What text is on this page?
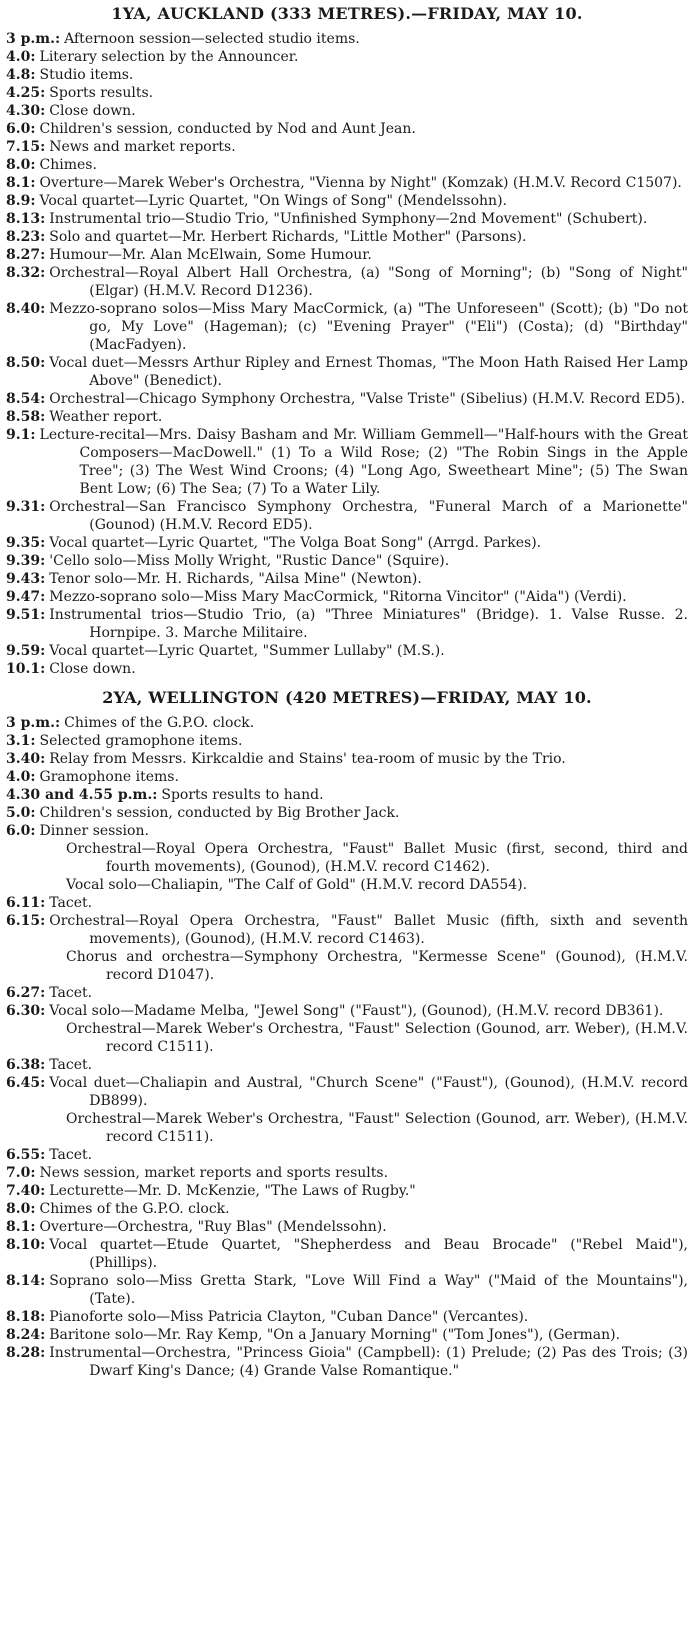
1YA, AUCKLAND (333 METRES).—FRIDAY, MAY 10.
3 p.m.: Afternoon session—selected studio items.
4.0: Literary selection by the Announcer.
4.8: Studio items.
4.25: Sports results.
4.30: Close down.
6.0: Children's session, conducted by Nod and Aunt Jean.
7.15: News and market reports.
8.0: Chimes.
8.1: Overture—Marek Weber's Orchestra, "Vienna by Night" (Komzak) (H.M.V. Record C1507).
8.9: Vocal quartet—Lyric Quartet, "On Wings of Song" (Mendelssohn).
8.13: Instrumental trio—Studio Trio, "Unfinished Symphony—2nd Movement" (Schubert).
8.23: Solo and quartet—Mr. Herbert Richards, "Little Mother" (Parsons).
8.27: Humour—Mr. Alan McElwain, Some Humour.
8.32: Orchestral—Royal Albert Hall Orchestra, (a) "Song of Morning"; (b) "Song of Night" (Elgar) (H.M.V. Record D1236).
8.40: Mezzo-soprano solos—Miss Mary MacCormick, (a) "The Unforeseen" (Scott); (b) "Do not go, My Love" (Hageman); (c) "Evening Prayer" ("Eli") (Costa); (d) "Birthday" (MacFadyen).
8.50: Vocal duet—Messrs Arthur Ripley and Ernest Thomas, "The Moon Hath Raised Her Lamp Above" (Benedict).
8.54: Orchestral—Chicago Symphony Orchestra, "Valse Triste" (Sibelius) (H.M.V. Record ED5).
8.58: Weather report.
9.1: Lecture-recital—Mrs. Daisy Basham and Mr. William Gemmell—"Half-hours with the Great Composers—MacDowell." (1) To a Wild Rose; (2) "The Robin Sings in the Apple Tree"; (3) The West Wind Croons; (4) "Long Ago, Sweetheart Mine"; (5) The Swan Bent Low; (6) The Sea; (7) To a Water Lily.
9.31: Orchestral—San Francisco Symphony Orchestra, "Funeral March of a Marionette" (Gounod) (H.M.V. Record ED5).
9.35: Vocal quartet—Lyric Quartet, "The Volga Boat Song" (Arrgd. Parkes).
9.39: 'Cello solo—Miss Molly Wright, "Rustic Dance" (Squire).
9.43: Tenor solo—Mr. H. Richards, "Ailsa Mine" (Newton).
9.47: Mezzo-soprano solo—Miss Mary MacCormick, "Ritorna Vincitor" ("Aida") (Verdi).
9.51: Instrumental trios—Studio Trio, (a) "Three Miniatures" (Bridge). 1. Valse Russe. 2. Hornpipe. 3. Marche Militaire.
9.59: Vocal quartet—Lyric Quartet, "Summer Lullaby" (M.S.).
10.1: Close down.
2YA, WELLINGTON (420 METRES)—FRIDAY, MAY 10.
3 p.m.: Chimes of the G.P.O. clock.
3.1: Selected gramophone items.
3.40: Relay from Messrs. Kirkcaldie and Stains' tea-room of music by the Trio.
4.0: Gramophone items.
4.30 and 4.55 p.m.: Sports results to hand.
5.0: Children's session, conducted by Big Brother Jack.
6.0: Dinner session.
Orchestral—Royal Opera Orchestra, "Faust" Ballet Music (first, second, third and fourth movements), (Gounod), (H.M.V. record C1462).
Vocal solo—Chaliapin, "The Calf of Gold" (H.M.V. record DA554).
6.11: Tacet.
6.15: Orchestral—Royal Opera Orchestra, "Faust" Ballet Music (fifth, sixth and seventh movements), (Gounod), (H.M.V. record C1463).
Chorus and orchestra—Symphony Orchestra, "Kermesse Scene" (Gounod), (H.M.V. record D1047).
6.27: Tacet.
6.30: Vocal solo—Madame Melba, "Jewel Song" ("Faust"), (Gounod), (H.M.V. record DB361).
Orchestral—Marek Weber's Orchestra, "Faust" Selection (Gounod, arr. Weber), (H.M.V. record C1511).
6.38: Tacet.
6.45: Vocal duet—Chaliapin and Austral, "Church Scene" ("Faust"), (Gounod), (H.M.V. record DB899).
Orchestral—Marek Weber's Orchestra, "Faust" Selection (Gounod, arr. Weber), (H.M.V. record C1511).
6.55: Tacet.
7.0: News session, market reports and sports results.
7.40: Lecturette—Mr. D. McKenzie, "The Laws of Rugby."
8.0: Chimes of the G.P.O. clock.
8.1: Overture—Orchestra, "Ruy Blas" (Mendelssohn).
8.10: Vocal quartet—Etude Quartet, "Shepherdess and Beau Brocade" ("Rebel Maid"), (Phillips).
8.14: Soprano solo—Miss Gretta Stark, "Love Will Find a Way" ("Maid of the Mountains"), (Tate).
8.18: Pianoforte solo—Miss Patricia Clayton, "Cuban Dance" (Vercantes).
8.24: Baritone solo—Mr. Ray Kemp, "On a January Morning" ("Tom Jones"), (German).
8.28: Instrumental—Orchestra, "Princess Gioia" (Campbell): (1) Prelude; (2) Pas des Trois; (3) Dwarf King's Dance; (4) Grande Valse Romantique."
